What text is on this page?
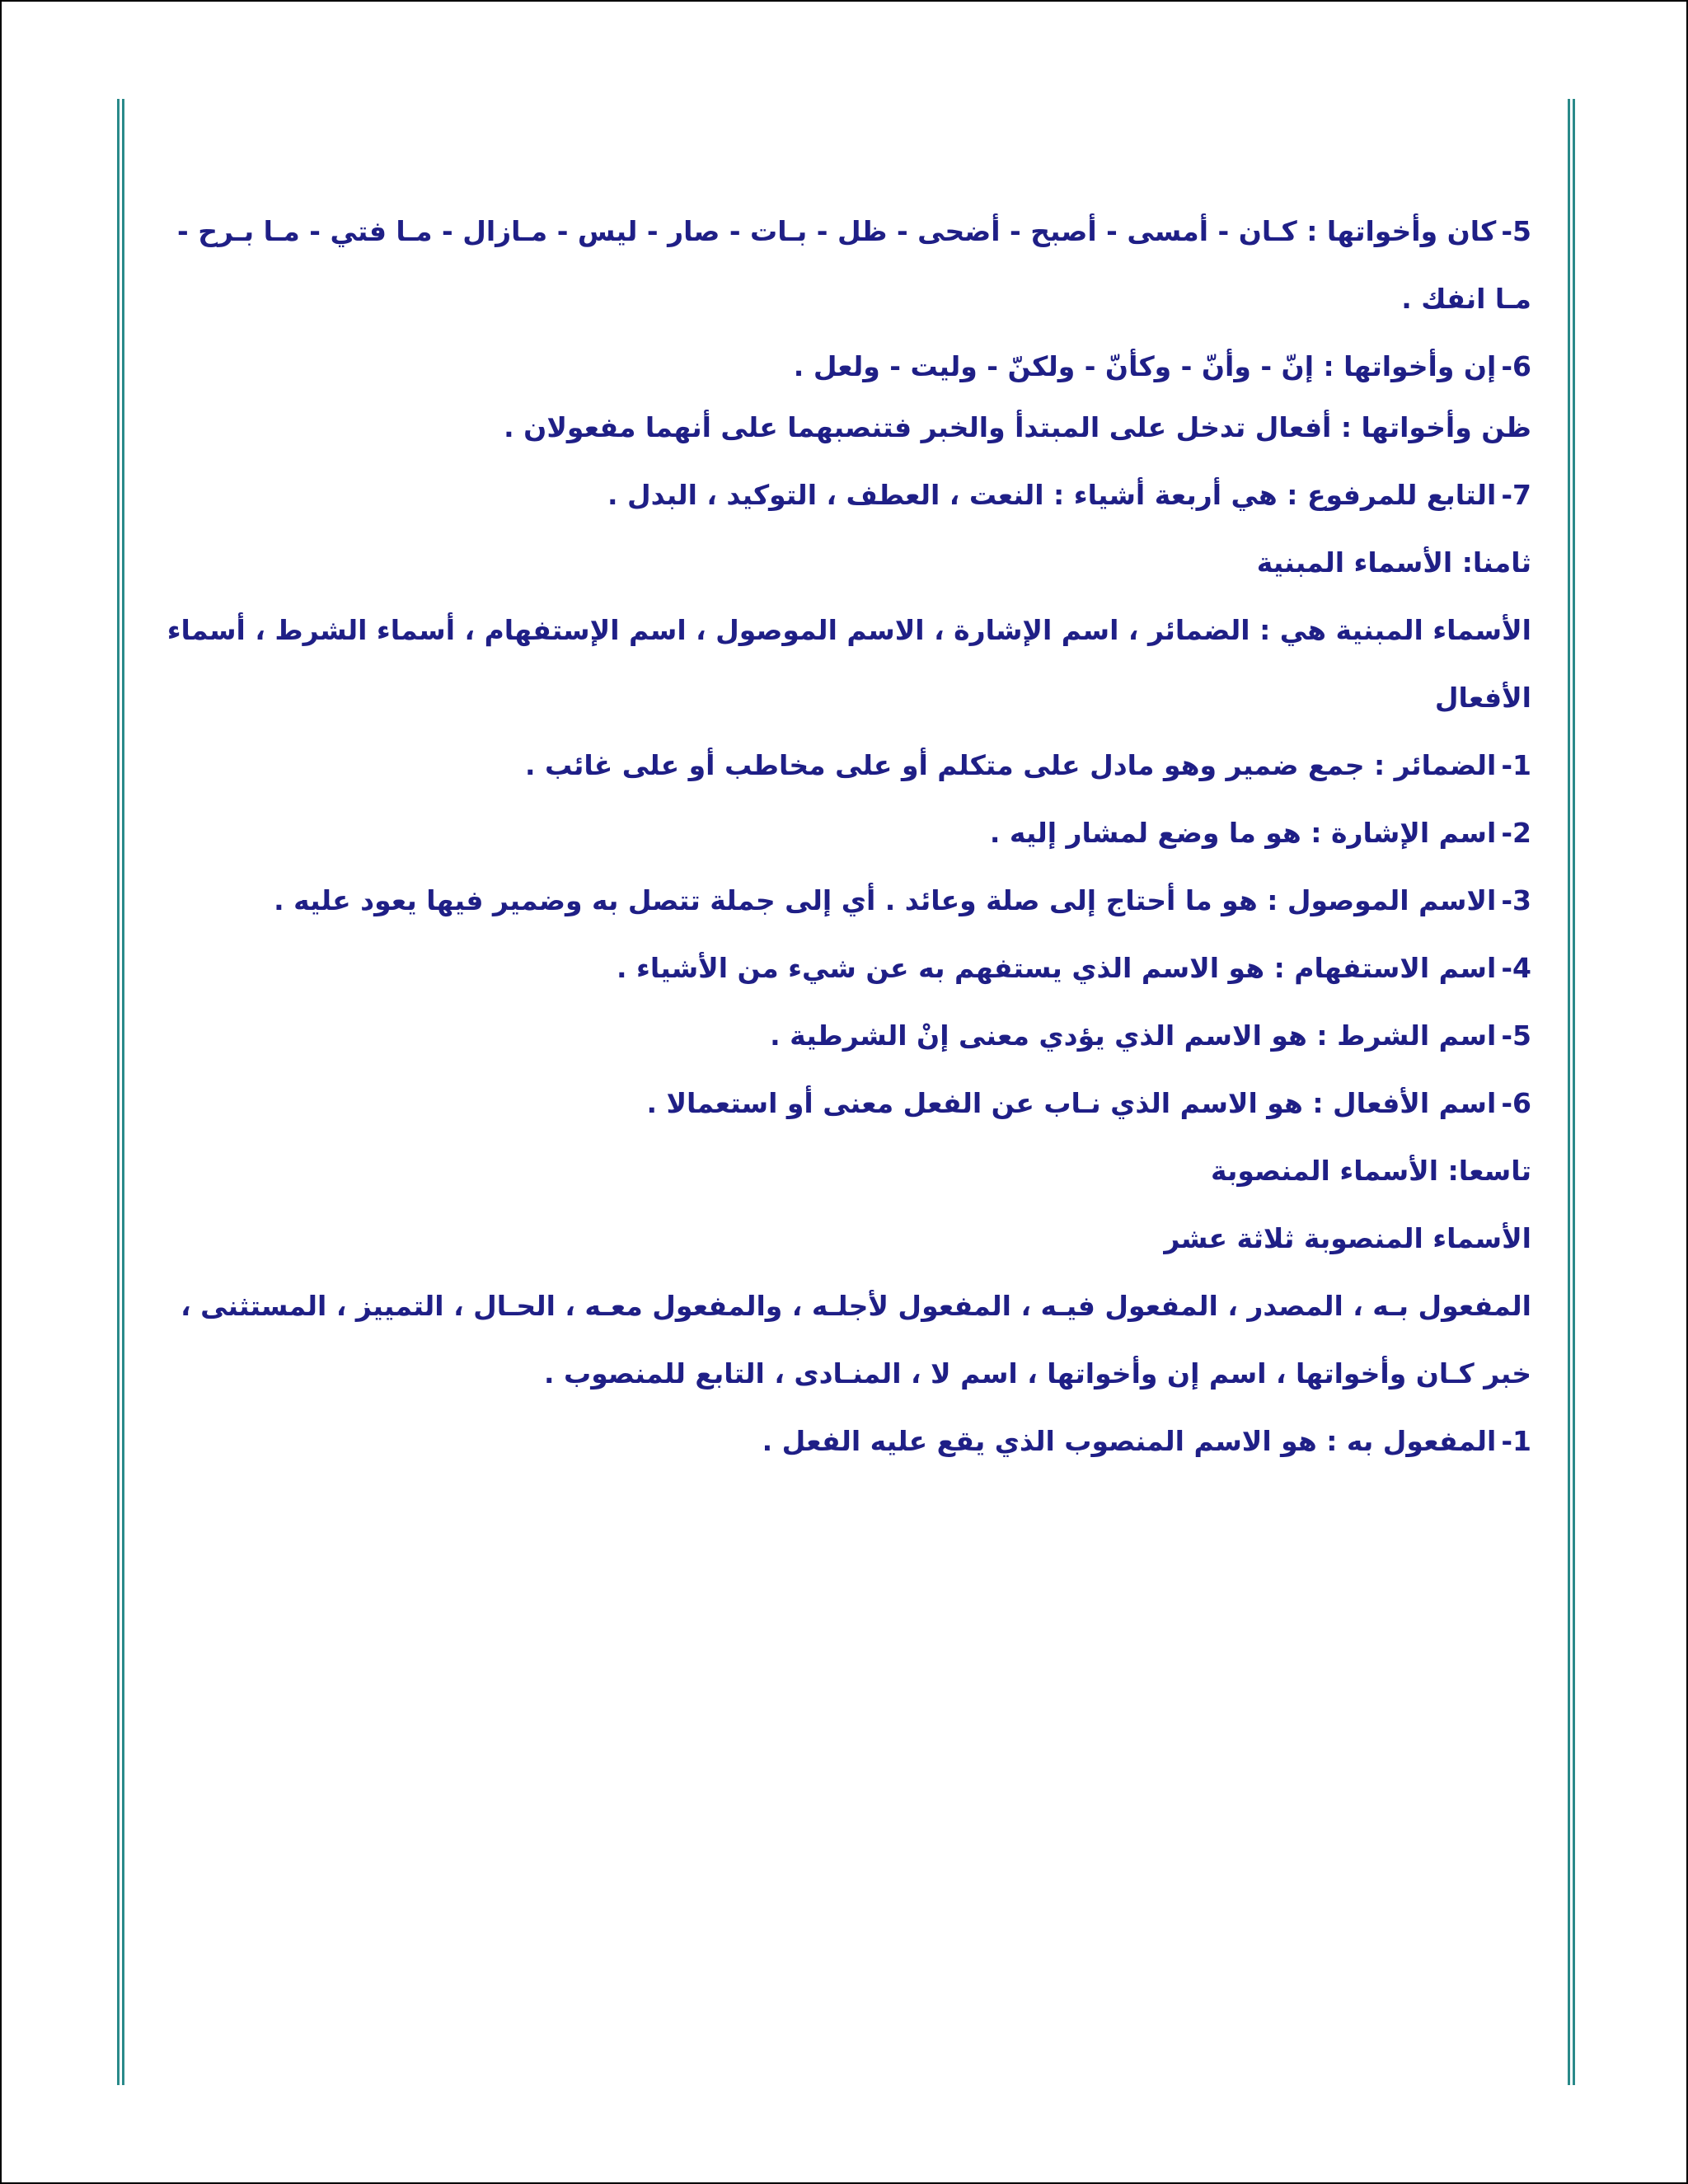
5-كان وأخواتها : كـان - أمسى - أصبح - أضحى - ظل - بـات - صار - ليس - مـازال - مـا فتي - مـا بـرح - مـا انفك .

6-إن وأخواتها : إنّ - وأنّ - وكأنّ - ولكنّ - وليت - ولعل .

ظن وأخواتها : أفعال تدخل على المبتدأ والخبر فتنصبهما على أنهما مفعولان .

7-التابع للمرفوع : هي أربعة أشياء : النعت ، العطف ، التوكيد ، البدل .

ثامنا: الأسماء المبنية

الأسماء المبنية هي : الضمائر ، اسم الإشارة ، الاسم الموصول ، اسم الإستفهام ، أسماء الشرط ، أسماء الأفعال

1-الضمائر : جمع ضمير وهو مادل على متكلم أو على مخاطب أو على غائب .

2-اسم الإشارة : هو ما وضع لمشار إليه .

3-الاسم الموصول : هو ما أحتاج إلى صلة وعائد . أي إلى جملة تتصل به وضمير فيها يعود عليه .

4-اسم الاستفهام : هو الاسم الذي يستفهم به عن شيء من الأشياء .

5-اسم الشرط : هو الاسم الذي يؤدي معنى إنْ الشرطية .

6-اسم الأفعال : هو الاسم الذي نـاب عن الفعل معنى أو استعمالا .

تاسعا: الأسماء المنصوبة

الأسماء المنصوبة ثلاثة عشر

المفعول بـه ، المصدر ، المفعول فيـه ، المفعول لأجلـه ، والمفعول معـه ، الحـال ، التمييز ، المستثنى ، خبر كـان وأخواتها ، اسم إن وأخواتها ، اسم لا ، المنـادى ، التابع للمنصوب .

1-المفعول به : هو الاسم المنصوب الذي يقع عليه الفعل .
